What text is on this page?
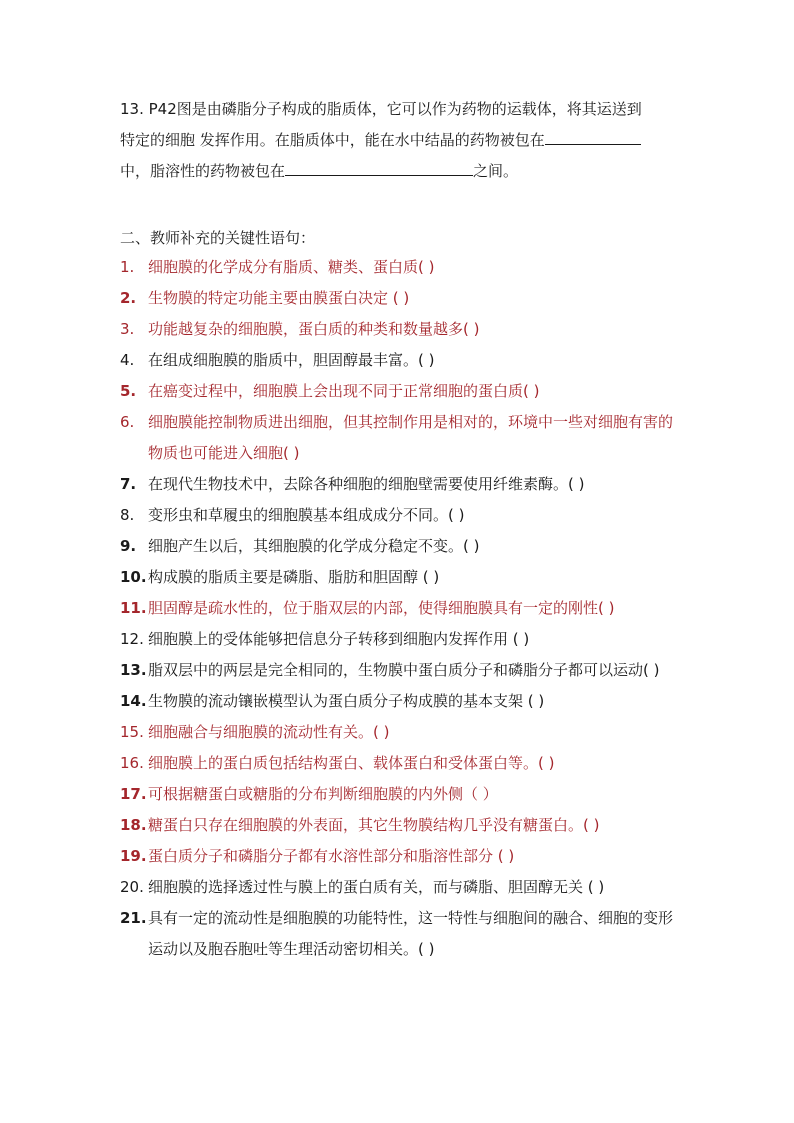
13. P42图是由磷脂分子构成的脂质体，它可以作为药物的运载体，将其运送到
特定的细胞 发挥作用。在脂质体中，能在水中结晶的药物被包在
中，脂溶性的药物被包在	之间。
二、教师补充的关键性语句：
1. 细胞膜的化学成分有脂质、糖类、蛋白质( )
2. 生物膜的特定功能主要由膜蛋白决定 ( )
3. 功能越复杂的细胞膜，蛋白质的种类和数量越多( )
4. 在组成细胞膜的脂质中，胆固醇最丰富。( )
5. 在癌变过程中，细胞膜上会出现不同于正常细胞的蛋白质( )
6. 细胞膜能控制物质进出细胞，但其控制作用是相对的，环境中一些对细胞有害的物质也可能进入细胞( )
7. 在现代生物技术中，去除各种细胞的细胞壁需要使用纤维素酶。( )
8. 变形虫和草履虫的细胞膜基本组成成分不同。( )
9. 细胞产生以后，其细胞膜的化学成分稳定不变。( )
10. 构成膜的脂质主要是磷脂、脂肪和胆固醇 ( )
11. 胆固醇是疏水性的，位于脂双层的内部，使得细胞膜具有一定的刚性( )
12. 细胞膜上的受体能够把信息分子转移到细胞内发挥作用 ( )
13. 脂双层中的两层是完全相同的，生物膜中蛋白质分子和磷脂分子都可以运动( )
14. 生物膜的流动镶嵌模型认为蛋白质分子构成膜的基本支架 ( )
15. 细胞融合与细胞膜的流动性有关。( )
16. 细胞膜上的蛋白质包括结构蛋白、载体蛋白和受体蛋白等。( )
17. 可根据糖蛋白或糖脂的分布判断细胞膜的内外侧（ ）
18. 糖蛋白只存在细胞膜的外表面，其它生物膜结构几乎没有糖蛋白。( )
19. 蛋白质分子和磷脂分子都有水溶性部分和脂溶性部分 ( )
20. 细胞膜的选择透过性与膜上的蛋白质有关，而与磷脂、胆固醇无关 ( )
21. 具有一定的流动性是细胞膜的功能特性，这一特性与细胞间的融合、细胞的变形运动以及胞吞胞吐等生理活动密切相关。( )
